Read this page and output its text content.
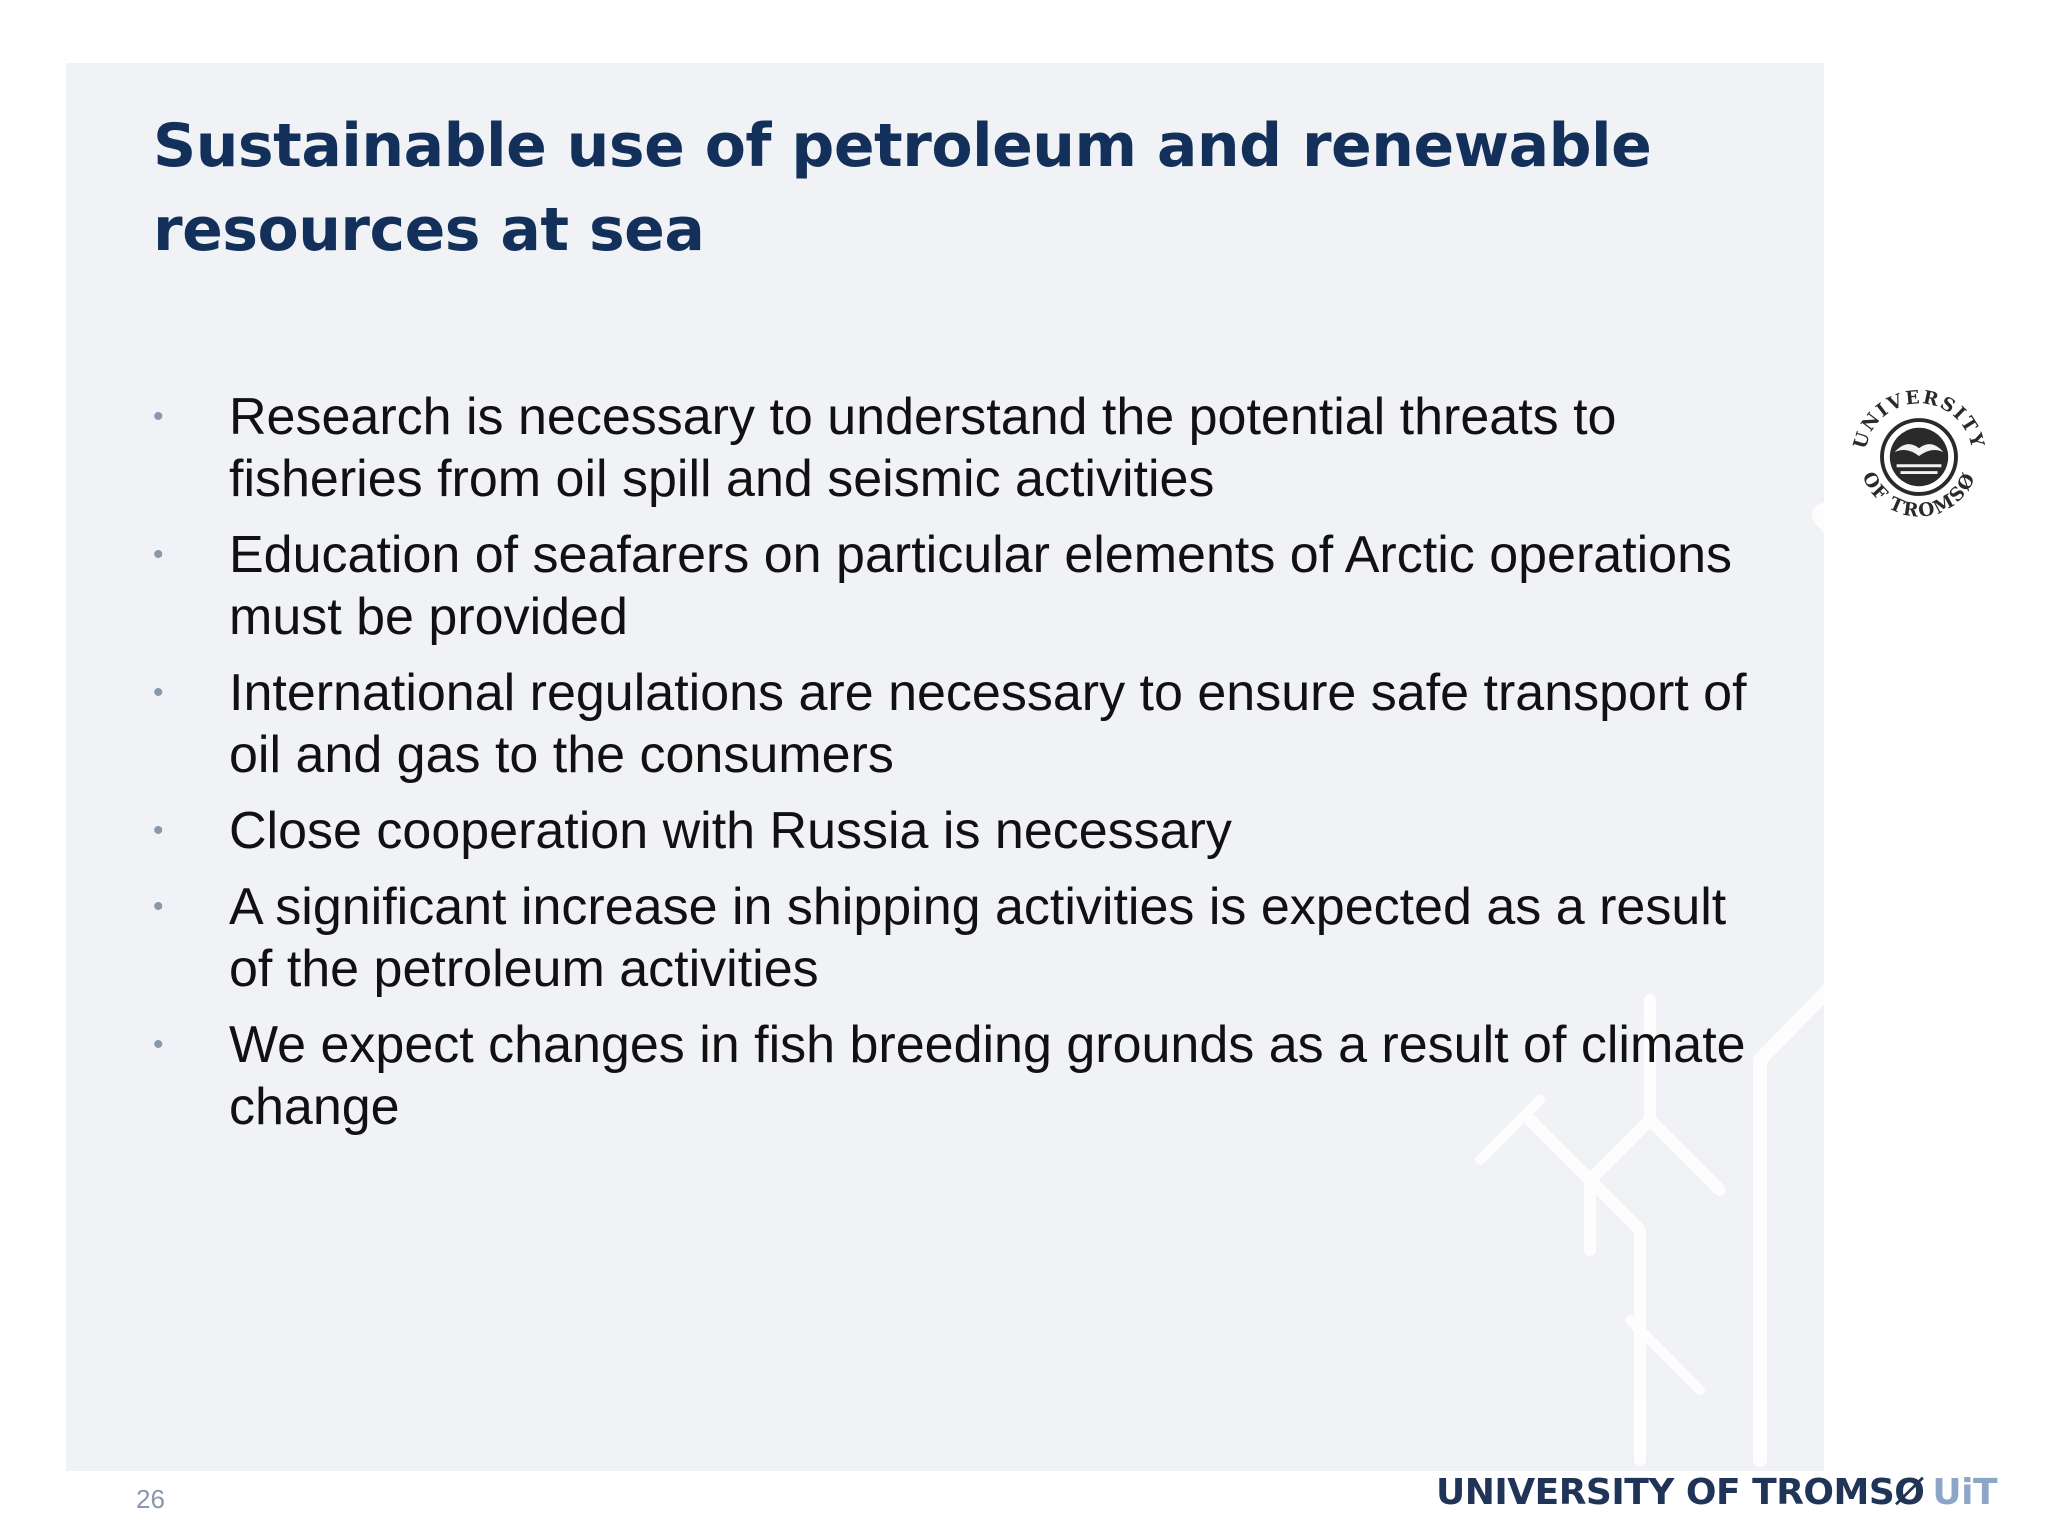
Sustainable use of petroleum and renewable resources at sea
• Research is necessary to understand the potential threats to fisheries from oil spill and seismic activities
• Education of seafarers on particular elements of Arctic operations must be provided
• International regulations are necessary to ensure safe transport of oil and gas to the consumers
• Close cooperation with Russia is necessary
• A significant increase in shipping activities is expected as a result of the petroleum activities
• We expect changes in fish breeding grounds as a result of climate change
UNIVERSITY
OF TROMSØ
26	UNIVERSITY OF TROMSØ UiT
